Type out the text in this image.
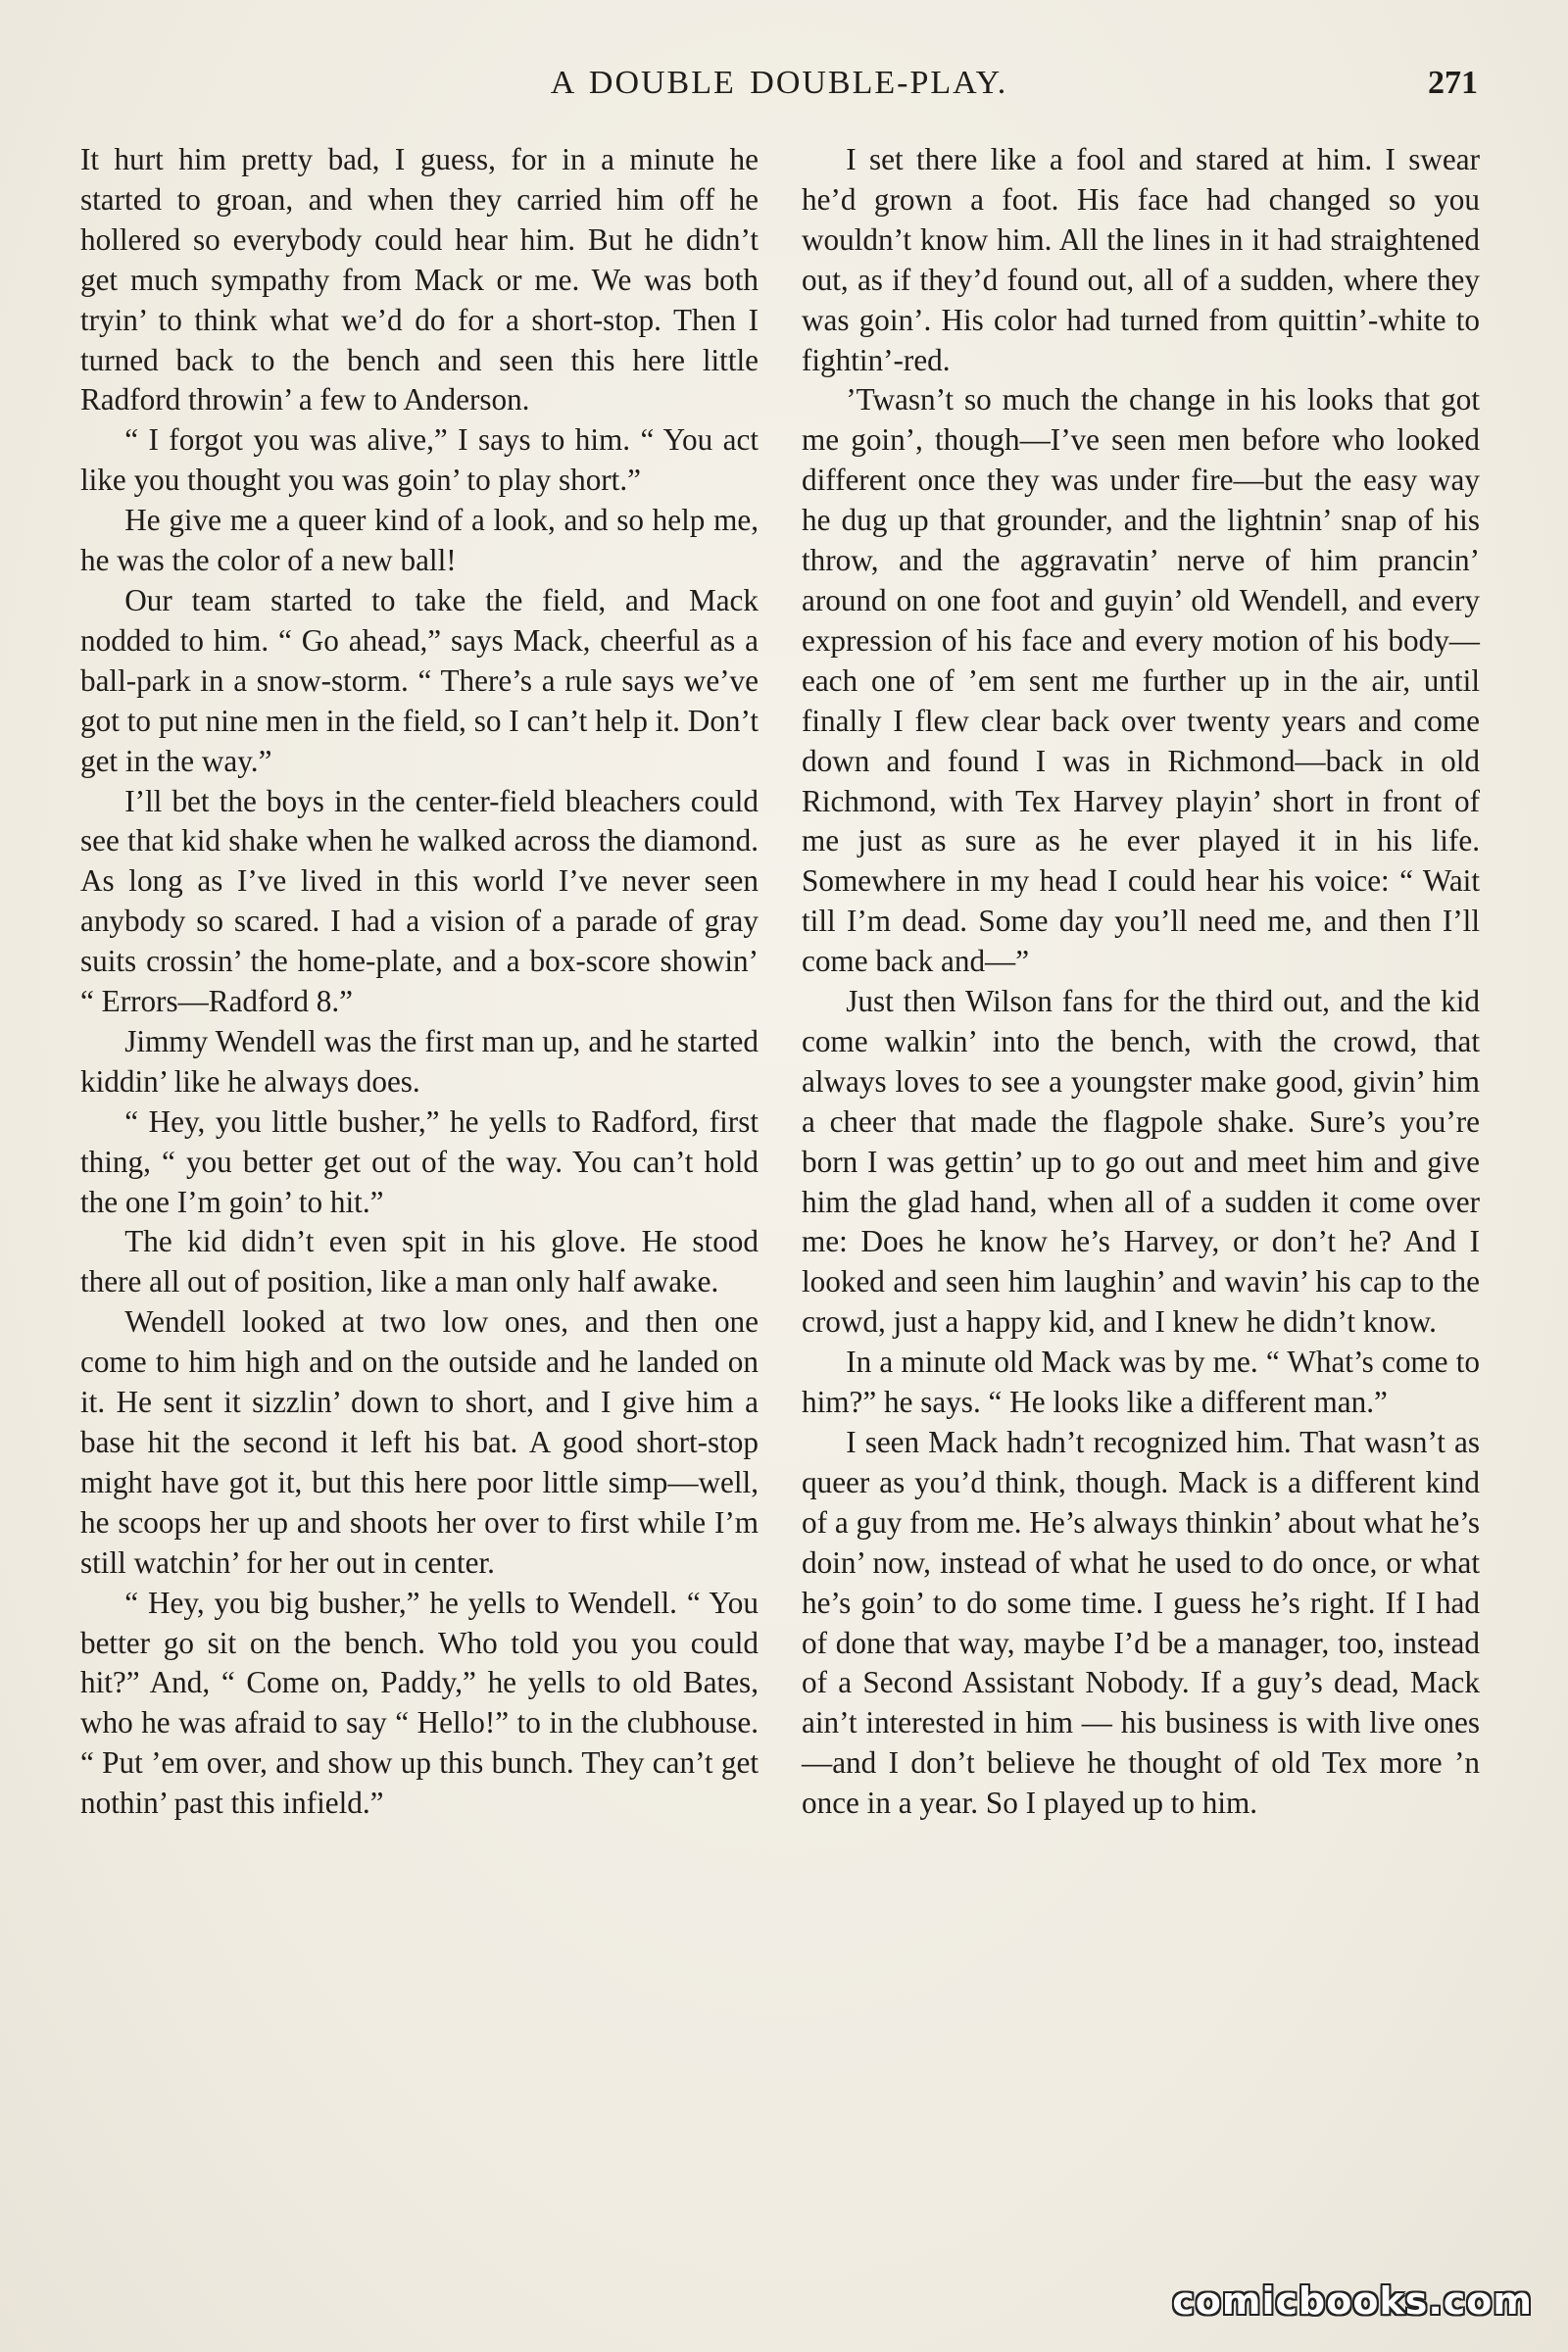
A DOUBLE DOUBLE-PLAY.	271

It hurt him pretty bad, I guess, for in a minute he started to groan, and when they carried him off he hollered so everybody could hear him. But he didn’t get much sympathy from Mack or me. We was both tryin’ to think what we’d do for a short-stop. Then I turned back to the bench and seen this here little Radford throwin’ a few to Anderson.

“ I forgot you was alive,” I says to him. “ You act like you thought you was goin’ to play short.”

He give me a queer kind of a look, and so help me, he was the color of a new ball!

Our team started to take the field, and Mack nodded to him. “ Go ahead,” says Mack, cheerful as a ball-park in a snow-storm. “ There’s a rule says we’ve got to put nine men in the field, so I can’t help it. Don’t get in the way.”

I’ll bet the boys in the center-field bleachers could see that kid shake when he walked across the diamond. As long as I’ve lived in this world I’ve never seen anybody so scared. I had a vision of a parade of gray suits crossin’ the home-plate, and a box-score showin’ “ Errors—Radford 8.”

Jimmy Wendell was the first man up, and he started kiddin’ like he always does.

“ Hey, you little busher,” he yells to Radford, first thing, “ you better get out of the way. You can’t hold the one I’m goin’ to hit.”

The kid didn’t even spit in his glove. He stood there all out of position, like a man only half awake.

Wendell looked at two low ones, and then one come to him high and on the outside and he landed on it. He sent it sizzlin’ down to short, and I give him a base hit the second it left his bat. A good short-stop might have got it, but this here poor little simp—well, he scoops her up and shoots her over to first while I’m still watchin’ for her out in center.

“ Hey, you big busher,” he yells to Wendell. “ You better go sit on the bench. Who told you you could hit?” And, “ Come on, Paddy,” he yells to old Bates, who he was afraid to say “ Hello!” to in the clubhouse. “ Put ’em over, and show up this bunch. They can’t get nothin’ past this infield.”

I set there like a fool and stared at him. I swear he’d grown a foot. His face had changed so you wouldn’t know him. All the lines in it had straightened out, as if they’d found out, all of a sudden, where they was goin’. His color had turned from quittin’-white to fightin’-red.

’Twasn’t so much the change in his looks that got me goin’, though—I’ve seen men before who looked different once they was under fire—but the easy way he dug up that grounder, and the lightnin’ snap of his throw, and the aggravatin’ nerve of him prancin’ around on one foot and guyin’ old Wendell, and every expression of his face and every motion of his body—each one of ’em sent me further up in the air, until finally I flew clear back over twenty years and come down and found I was in Richmond—back in old Richmond, with Tex Harvey playin’ short in front of me just as sure as he ever played it in his life. Somewhere in my head I could hear his voice: “ Wait till I’m dead. Some day you’ll need me, and then I’ll come back and—”

Just then Wilson fans for the third out, and the kid come walkin’ into the bench, with the crowd, that always loves to see a youngster make good, givin’ him a cheer that made the flagpole shake. Sure’s you’re born I was gettin’ up to go out and meet him and give him the glad hand, when all of a sudden it come over me: Does he know he’s Harvey, or don’t he? And I looked and seen him laughin’ and wavin’ his cap to the crowd, just a happy kid, and I knew he didn’t know.

In a minute old Mack was by me. “ What’s come to him?” he says. “ He looks like a different man.”

I seen Mack hadn’t recognized him. That wasn’t as queer as you’d think, though. Mack is a different kind of a guy from me. He’s always thinkin’ about what he’s doin’ now, instead of what he used to do once, or what he’s goin’ to do some time. I guess he’s right. If I had of done that way, maybe I’d be a manager, too, instead of a Second Assistant Nobody. If a guy’s dead, Mack ain’t interested in him — his business is with live ones—and I don’t believe he thought of old Tex more ’n once in a year. So I played up to him.

comicbooks.com
